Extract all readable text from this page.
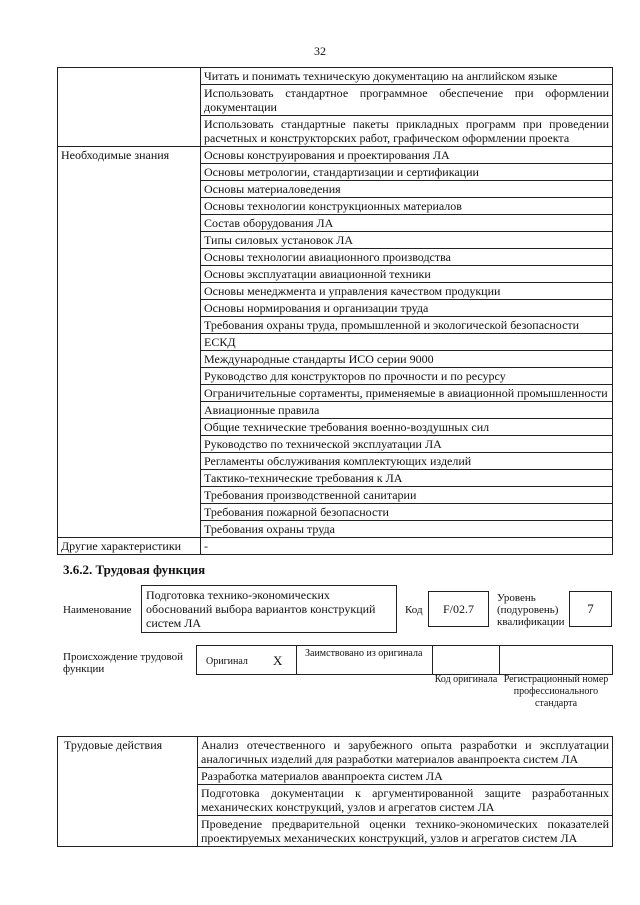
32
	Читать и понимать техническую документацию на английском языке
	Использовать стандартное программное обеспечение при оформлении документации
	Использовать стандартные пакеты прикладных программ при проведении расчетных и конструкторских работ, графическом оформлении проекта
Необходимые знания	Основы конструирования и проектирования ЛА
	Основы метрологии, стандартизации и сертификации
	Основы материаловедения
	Основы технологии конструкционных материалов
	Состав оборудования ЛА
	Типы силовых установок ЛА
	Основы технологии авиационного производства
	Основы эксплуатации авиационной техники
	Основы менеджмента и управления качеством продукции
	Основы нормирования и организации труда
	Требования охраны труда, промышленной и экологической безопасности
	ЕСКД
	Международные стандарты ИСО серии 9000
	Руководство для конструкторов по прочности и по ресурсу
	Ограничительные сортаменты, применяемые в авиационной промышленности
	Авиационные правила
	Общие технические требования военно-воздушных сил
	Руководство по технической эксплуатации ЛА
	Регламенты обслуживания комплектующих изделий
	Тактико-технические требования к ЛА
	Требования производственной санитарии
	Требования пожарной безопасности
	Требования охраны труда
Другие характеристики	-
3.6.2. Трудовая функция
Наименование
Подготовка технико-экономических обоснований выбора вариантов конструкций систем ЛА
Код F/02.7
Уровень (подуровень) квалификации
7
Происхождение трудовой функции
Оригинал X Заимствовано из оригинала
Код оригинала Регистрационный номер профессионального стандарта
Трудовые действия	Анализ отечественного и зарубежного опыта разработки и эксплуатации аналогичных изделий для разработки материалов аванпроекта систем ЛА
Разработка материалов аванпроекта систем ЛА
Подготовка документации к аргументированной защите разработанных механических конструкций, узлов и агрегатов систем ЛА
Проведение предварительной оценки технико-экономических показателей проектируемых механических конструкций, узлов и агрегатов систем ЛА
